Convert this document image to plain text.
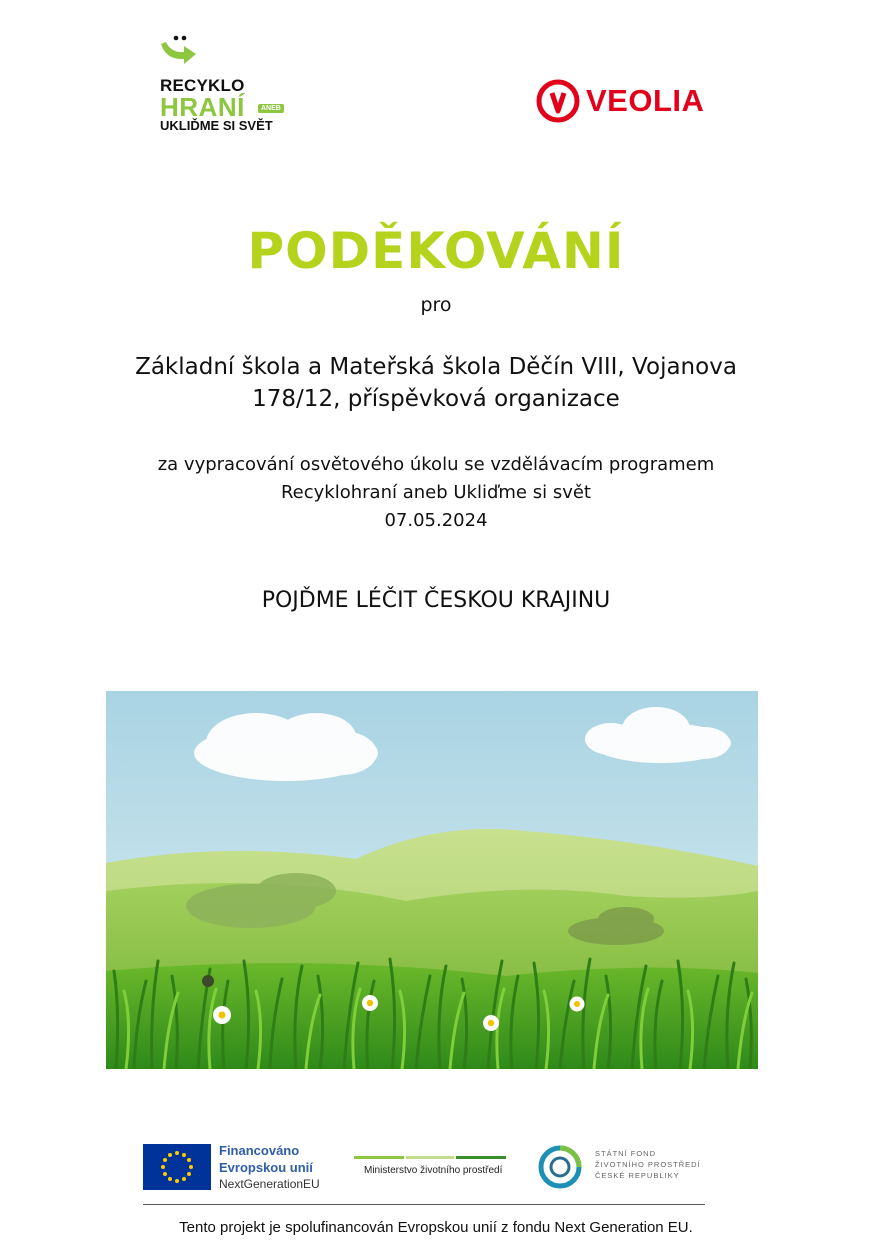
RECYKLO
HRANÍ	ANEB
UKLIĎME SI SVĚT
VEOLIA
PODĚKOVÁNÍ
pro
Základní škola a Mateřská škola Děčín VIII, Vojanova
178/12, příspěvková organizace
za vypracování osvětového úkolu se vzdělávacím programem
Recyklohraní aneb Ukliďme si svět
07.05.2024
POJĎME LÉČIT ČESKOU KRAJINU
Financováno
Evropskou unií
NextGenerationEU
Ministerstvo životního prostředí
STÁTNÍ FOND
ŽIVOTNÍHO PROSTŘEDÍ
ČESKÉ REPUBLIKY
Tento projekt je spolufinancován Evropskou unií z fondu Next Generation EU.
